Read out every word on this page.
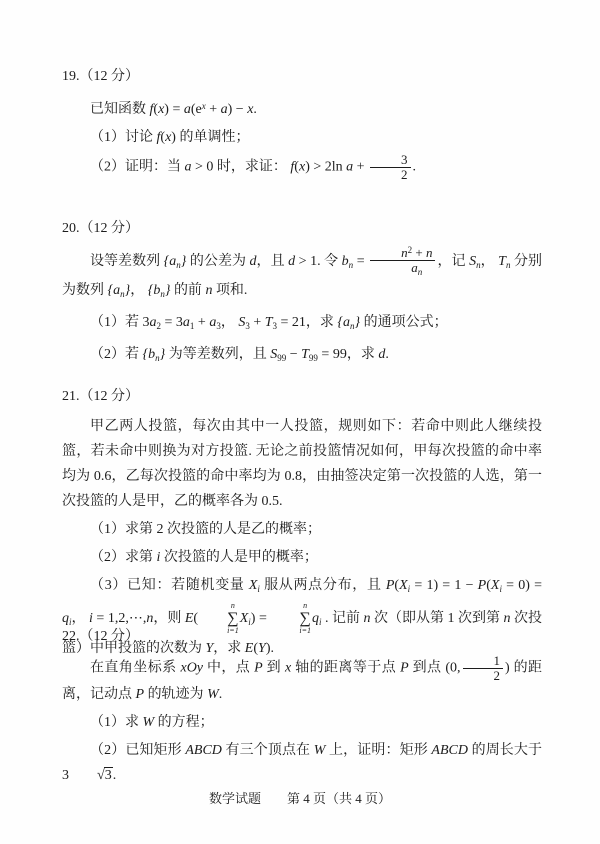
19.（12 分）
已知函数 $f(x) = a(e^x + a) - x$.
（1）讨论 f(x) 的单调性；
（2）证明：当 a > 0 时，求证： f(x) > 2ln $a + \frac{3}{2}$ .
20.（12 分）
设等差数列 $\{a_n\}$ 的公差为 d，且 d > 1. 令 $b_n = \frac{n^2 + n}{a_n}$ ，记 $S_n$， $T_n$ 分别为数列 $\{a_n\}$， $\{b_n\}$ 的前 n 项和.
（1）若 $3a_2 = 3a_1 + a_3$， $S_3 + T_3 = 21$，求 $\{a_n\}$ 的通项公式；
（2）若 $\{b_n\}$ 为等差数列，且 $S_{99} - T_{99} = 99$，求 d.
21.（12 分）
甲乙两人投篮，每次由其中一人投篮，规则如下：若命中则此人继续投篮，若未命中则换为对方投篮. 无论之前投篮情况如何，甲每次投篮的命中率均为 0.6，乙每次投篮的命中率均为 0.8，由抽签决定第一次投篮的人选，第一次投篮的人是甲，乙的概率各为 0.5.
（1）求第 2 次投篮的人是乙的概率；
（2）求第 i 次投篮的人是甲的概率；
（3）已知：若随机变量 $X_i$ 服从两点分布，且 $P(X_i = 1) = 1 - P(X_i = 0) = q_i$， i = 1,2,⋯,n，则 E(
n
∑
i=1
$X_i$) =
n
∑
i=1
$q_i$ . 记前 n 次（即从第 1 次到第 n 次投篮）中甲投篮的次数为 Y，求 E(Y).
22.（12 分）
在直角坐标系 xOy 中，点 P 到 x 轴的距离等于点 P 到点 (0, $\frac{1}{2}$ ) 的距离，记动点 P 的轨迹为 W.
（1）求 W 的方程；
（2）已知矩形 ABCD 有三个顶点在 W 上，证明：矩形 ABCD 的周长大于 3 √3.
数学试题 第 4 页（共 4 页）
